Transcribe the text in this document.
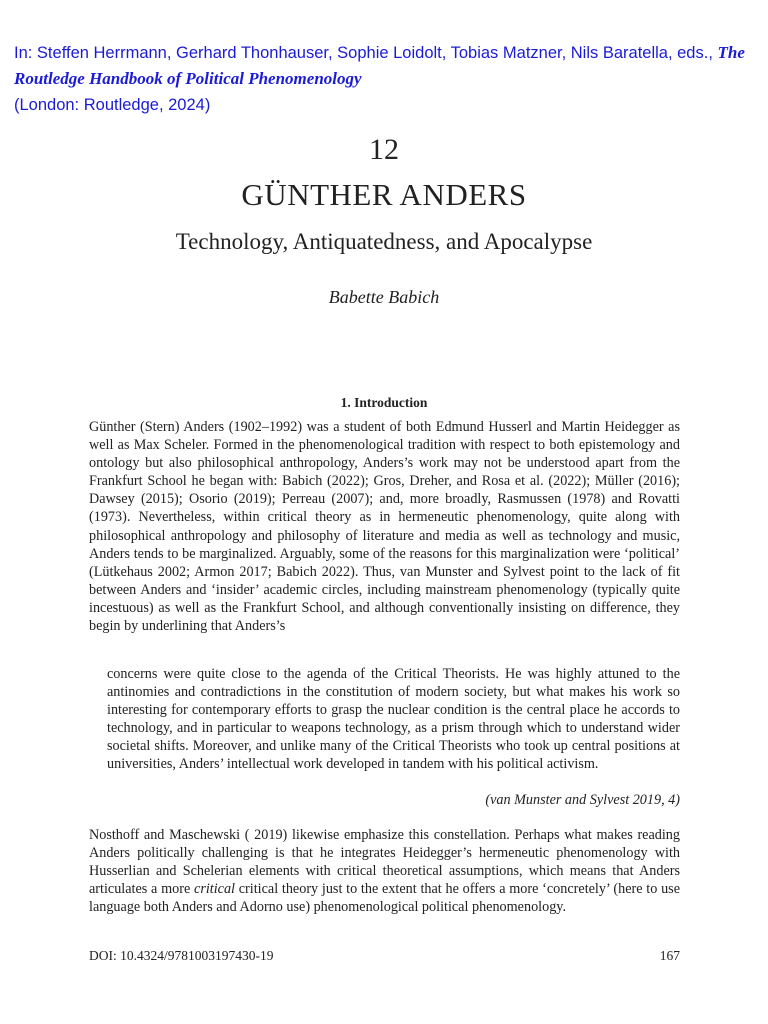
In: Steffen Herrmann, Gerhard Thonhauser, Sophie Loidolt, Tobias Matzner, Nils Baratella, eds., The Routledge Handbook of Political Phenomenology
(London: Routledge, 2024)
12
GÜNTHER ANDERS
Technology, Antiquatedness, and Apocalypse
Babette Babich
1. Introduction

Günther (Stern) Anders (1902–1992) was a student of both Edmund Husserl and Martin Heidegger as well as Max Scheler. Formed in the phenomenological tradition with respect to both epistemology and ontology but also philosophical anthropology, Anders’s work may not be understood apart from the Frankfurt School he began with: Babich (2022); Gros, Dreher, and Rosa et al. (2022); Müller (2016); Dawsey (2015); Osorio (2019); Perreau (2007); and, more broadly, Rasmussen (1978) and Rovatti (1973). Nevertheless, within critical theory as in hermeneutic phenomenology, quite along with philosophical anthropology and philosophy of literature and media as well as technology and music, Anders tends to be marginalized. Arguably, some of the reasons for this marginalization were ‘political’ (Lütkehaus 2002; Armon 2017; Babich 2022). Thus, van Munster and Sylvest point to the lack of fit between Anders and ‘insider’ academic circles, including mainstream phenomenology (typically quite incestuous) as well as the Frankfurt School, and although conventionally insisting on difference, they begin by underlining that Anders’s

concerns were quite close to the agenda of the Critical Theorists. He was highly attuned to the antinomies and contradictions in the constitution of modern society, but what makes his work so interesting for contemporary efforts to grasp the nuclear condition is the central place he accords to technology, and in particular to weapons technology, as a prism through which to understand wider societal shifts. Moreover, and unlike many of the Critical Theorists who took up central positions at universities, Anders’ intellectual work developed in tandem with his political activism.

(van Munster and Sylvest 2019, 4)

Nosthoff and Maschewski ( 2019) likewise emphasize this constellation. Perhaps what makes reading Anders politically challenging is that he integrates Heidegger’s hermeneutic phenomenology with Husserlian and Schelerian elements with critical theoretical assumptions, which means that Anders articulates a more critical critical theory just to the extent that he offers a more ‘concretely’ (here to use language both Anders and Adorno use) phenomenological political phenomenology.

DOI: 10.4324/9781003197430-19	167
